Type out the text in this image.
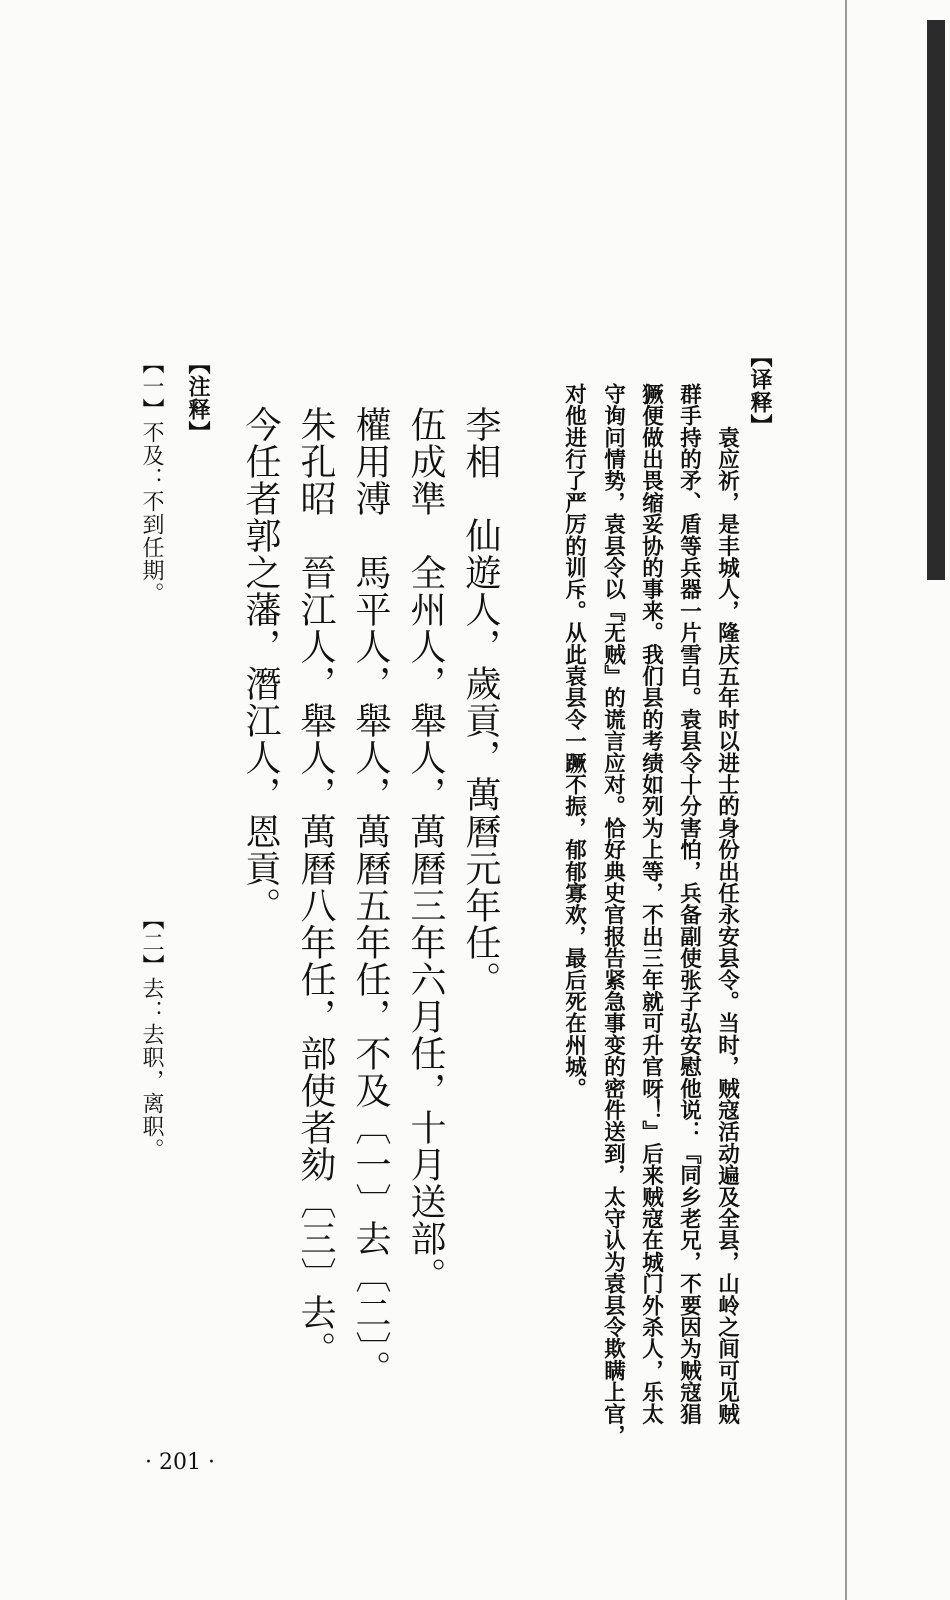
【译释】
　　袁应祈，是丰城人，隆庆五年时以进士的身份出任永安县令。当时，贼寇活动遍及全县，山岭之间可见贼
群手持的矛、盾等兵器一片雪白。袁县令十分害怕，兵备副使张子弘安慰他说：『同乡老兄，不要因为贼寇猖
獗便做出畏缩妥协的事来。我们县的考绩如列为上等，不出三年就可升官呀！』后来贼寇在城门外杀人，乐太
守询问情势，袁县令以『无贼』的谎言应对。恰好典史官报告紧急事变的密件送到，太守认为袁县令欺瞒上官，
对他进行了严厉的训斥。从此袁县令一蹶不振，郁郁寡欢，最后死在州城。
李相　仙遊人，歲貢，萬曆元年任。
伍成準　全州人，舉人，萬曆三年六月任，十月送部。
權用溥　馬平人，舉人，萬曆五年任，不及〔一〕去〔二〕。
朱孔昭　晉江人，舉人，萬曆八年任，部使者劾〔三〕去。
今任者郭之藩，潛江人，恩貢。
【注释】
【一】不及：不到任期。
【二】去：去职，离职。
· 201 ·
